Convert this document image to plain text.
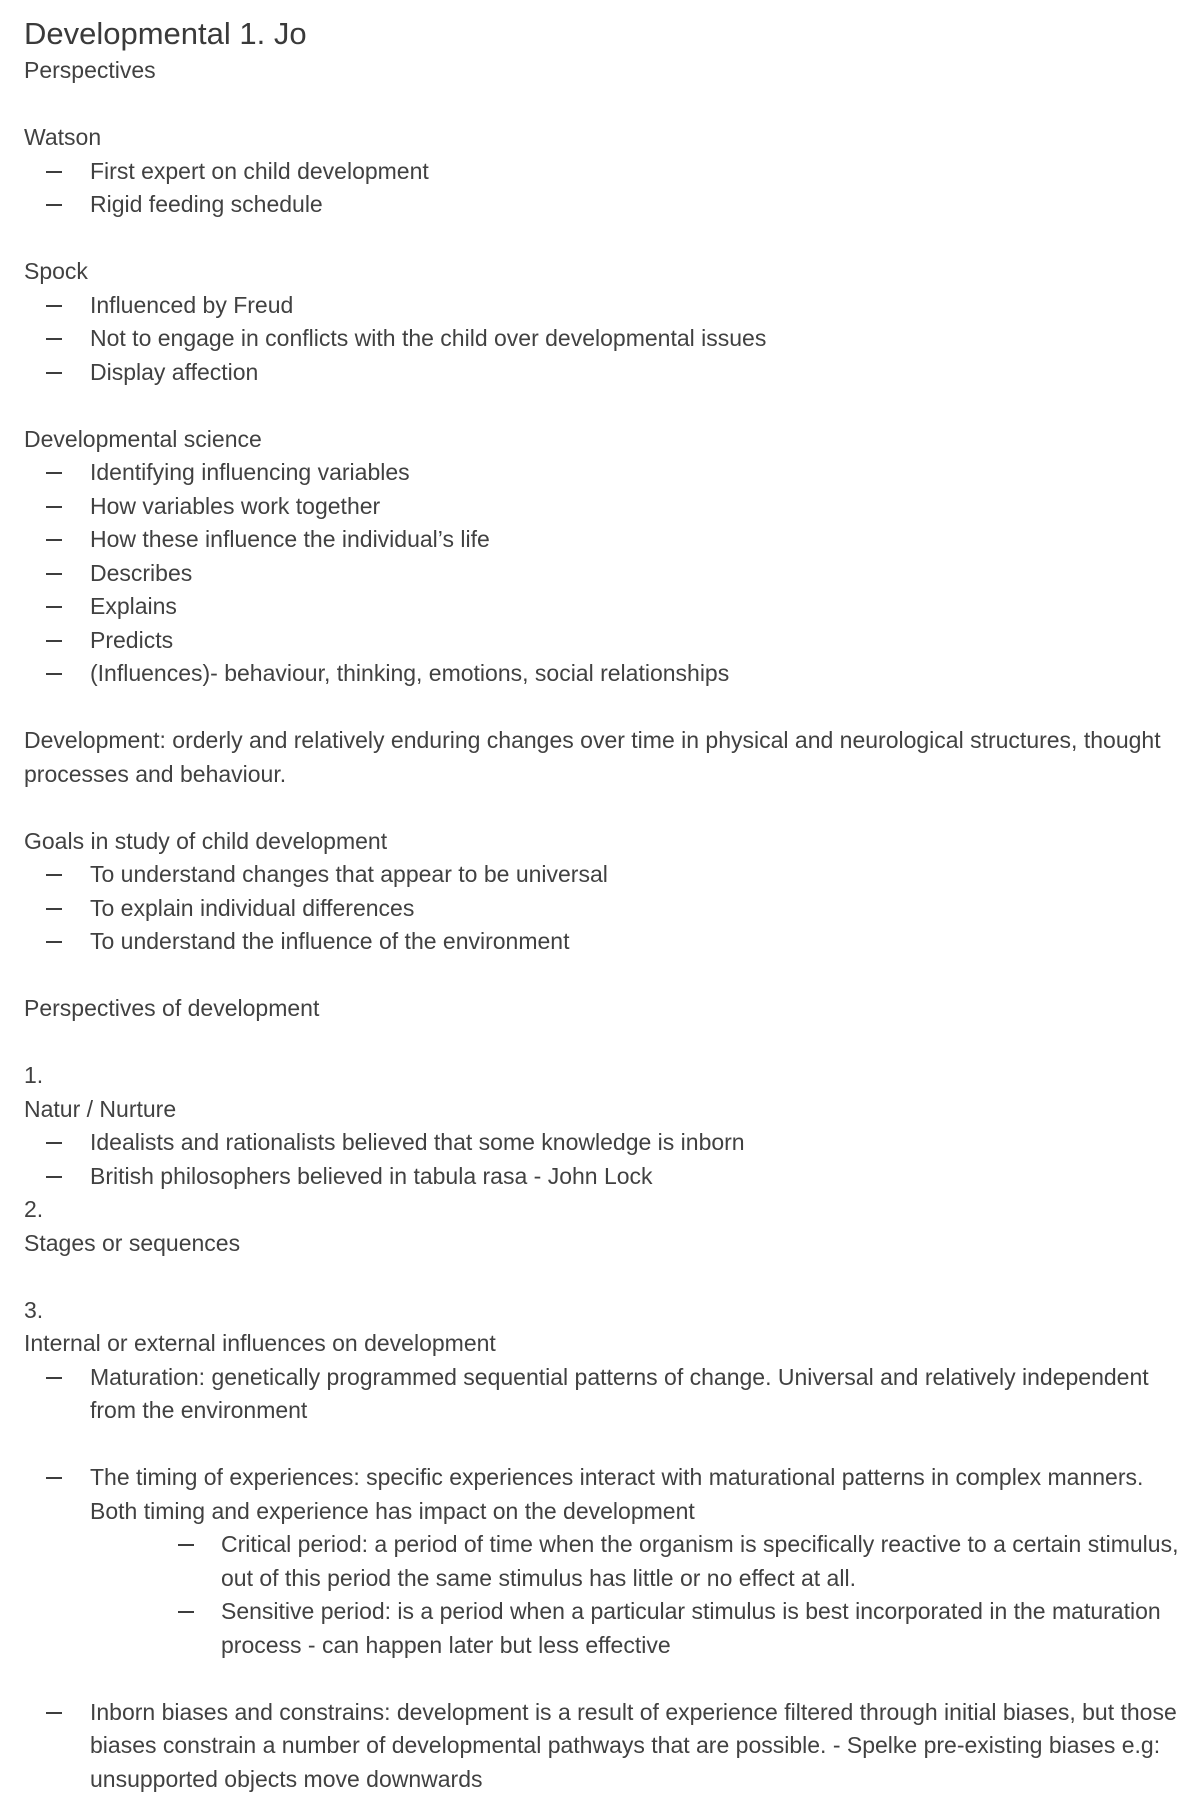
Developmental 1. Jo

Perspectives

Watson

First expert on child development
Rigid feeding schedule

Spock

Influenced by Freud
Not to engage in conflicts with the child over developmental issues
Display affection

Developmental science

Identifying influencing variables
How variables work together
How these influence the individual’s life
Describes
Explains
Predicts
(Influences)- behaviour, thinking, emotions, social relationships

Development: orderly and relatively enduring changes over time in physical and neurological structures, thought processes and behaviour.

Goals in study of child development

To understand changes that appear to be universal
To explain individual differences
To understand the influence of the environment

Perspectives of development

1.

Natur / Nurture

Idealists and rationalists believed that some knowledge is inborn
British philosophers believed in tabula rasa - John Lock

2.

Stages or sequences

3.

Internal or external influences on development

Maturation: genetically programmed sequential patterns of change. Universal and relatively independent from the environment
The timing of experiences: specific experiences interact with maturational patterns in complex manners. Both timing and experience has impact on the development
Critical period: a period of time when the organism is specifically reactive to a certain stimulus, out of this period the same stimulus has little or no effect at all.
Sensitive period: is a period when a particular stimulus is best incorporated in the maturation process - can happen later but less effective
Inborn biases and constrains: development is a result of experience filtered through initial biases, but those biases constrain a number of developmental pathways that are possible. - Spelke pre-existing biases e.g: unsupported objects move downwards
